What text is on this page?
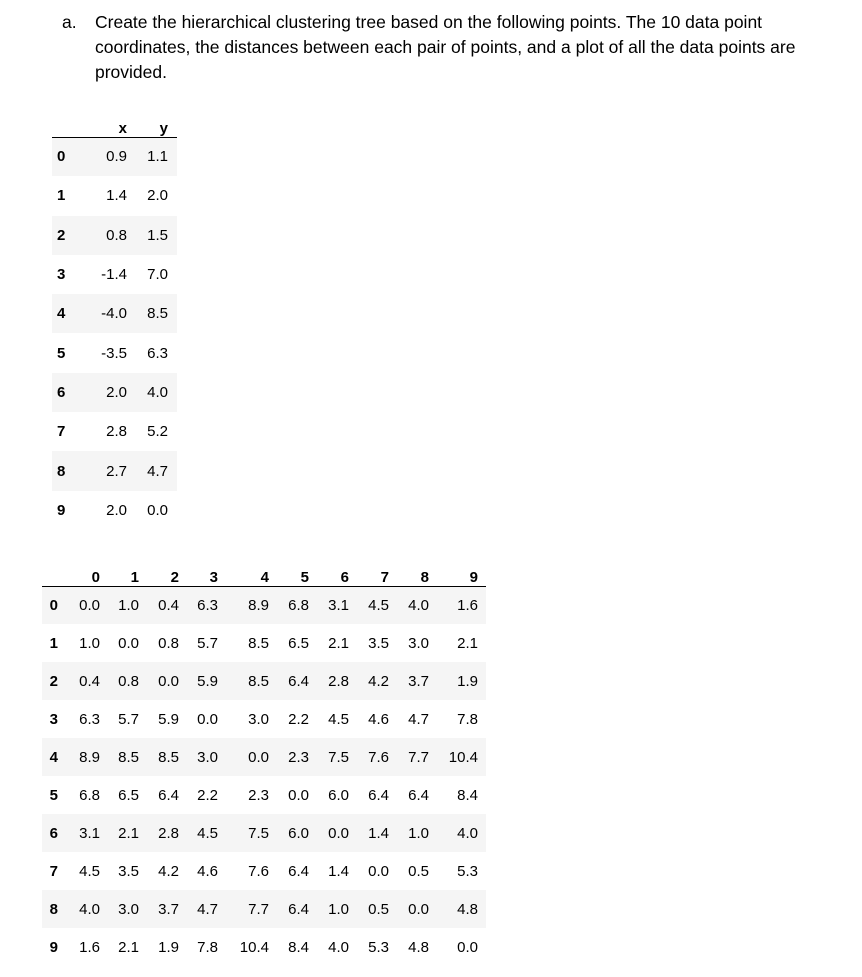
a. Create the hierarchical clustering tree based on the following points. The 10 data point coordinates, the distances between each pair of points, and a plot of all the data points are provided.
	x	y
0	0.9	1.1
1	1.4	2.0
2	0.8	1.5
3	-1.4	7.0
4	-4.0	8.5
5	-3.5	6.3
6	2.0	4.0
7	2.8	5.2
8	2.7	4.7
9	2.0	0.0
	0	1	2	3	4	5	6	7	8	9
0	0.0	1.0	0.4	6.3	8.9	6.8	3.1	4.5	4.0	1.6
1	1.0	0.0	0.8	5.7	8.5	6.5	2.1	3.5	3.0	2.1
2	0.4	0.8	0.0	5.9	8.5	6.4	2.8	4.2	3.7	1.9
3	6.3	5.7	5.9	0.0	3.0	2.2	4.5	4.6	4.7	7.8
4	8.9	8.5	8.5	3.0	0.0	2.3	7.5	7.6	7.7	10.4
5	6.8	6.5	6.4	2.2	2.3	0.0	6.0	6.4	6.4	8.4
6	3.1	2.1	2.8	4.5	7.5	6.0	0.0	1.4	1.0	4.0
7	4.5	3.5	4.2	4.6	7.6	6.4	1.4	0.0	0.5	5.3
8	4.0	3.0	3.7	4.7	7.7	6.4	1.0	0.5	0.0	4.8
9	1.6	2.1	1.9	7.8	10.4	8.4	4.0	5.3	4.8	0.0
